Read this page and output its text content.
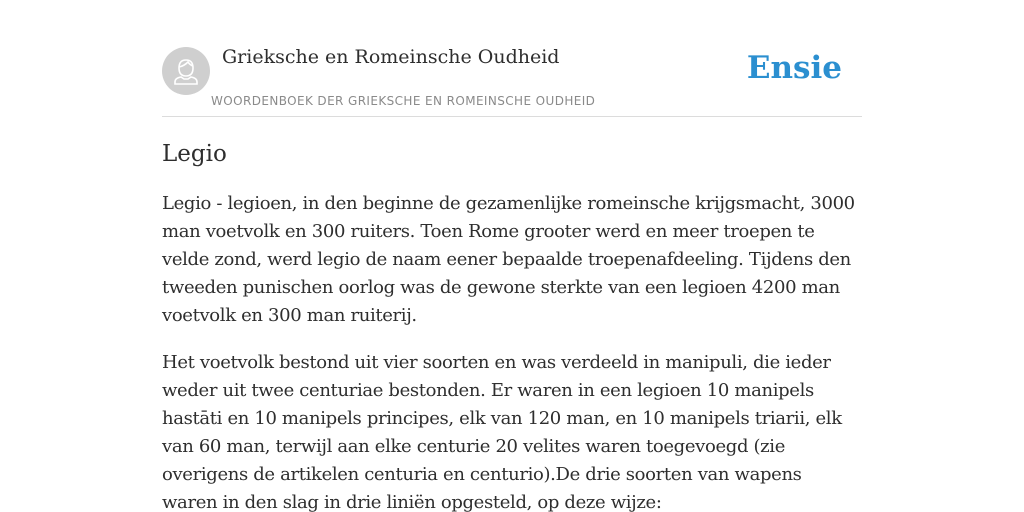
Grieksche en Romeinsche Oudheid
WOORDENBOEK DER GRIEKSCHE EN ROMEINSCHE OUDHEID
Ensie
Legio

Legio - legioen, in den beginne de gezamenlijke romeinsche krijgsmacht, 3000 man voetvolk en 300 ruiters. Toen Rome grooter werd en meer troepen te velde zond, werd legio de naam eener bepaalde troepenafdeeling. Tijdens den tweeden punischen oorlog was de gewone sterkte van een legioen 4200 man voetvolk en 300 man ruiterij.

Het voetvolk bestond uit vier soorten en was verdeeld in manipuli, die ieder weder uit twee centuriae bestonden. Er waren in een legioen 10 manipels hastāti en 10 manipels principes, elk van 120 man, en 10 manipels triarii, elk van 60 man, terwijl aan elke centurie 20 velites waren toegevoegd (zie overigens de artikelen centuria en centurio).De drie soorten van wapens waren in den slag in drie liniën opgesteld, op deze wijze:
